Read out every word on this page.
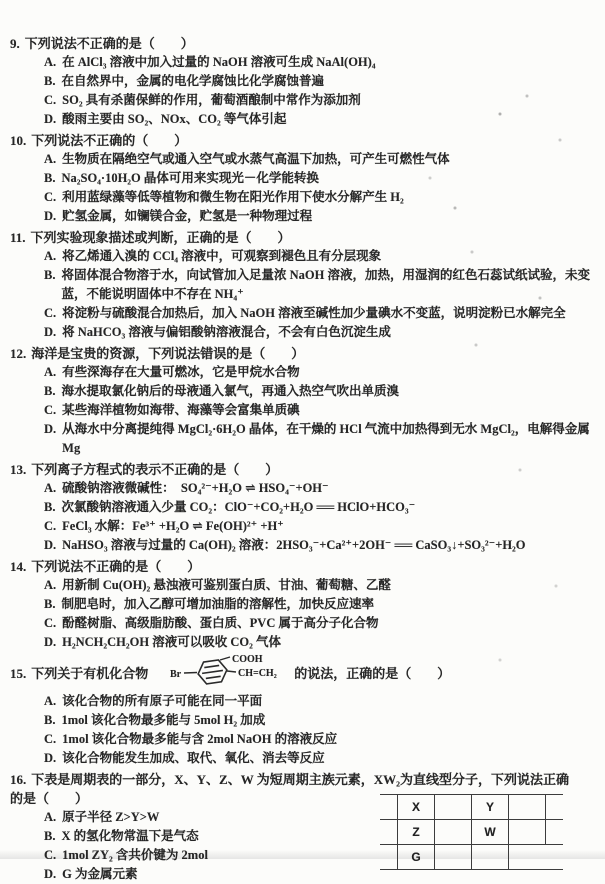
9. 下列说法不正确的是（　　）
A. 在 AlCl₃ 溶液中加入过量的 NaOH 溶液可生成 NaAl(OH)₄
B. 在自然界中，金属的电化学腐蚀比化学腐蚀普遍
C. SO₂ 具有杀菌保鲜的作用，葡萄酒酿制中常作为添加剂
D. 酸雨主要由 SO₂、NOx、CO₂ 等气体引起
10. 下列说法不正确的（　　）
A. 生物质在隔绝空气或通入空气或水蒸气高温下加热，可产生可燃性气体
B. Na₂SO₄·10H₂O 晶体可用来实现光－化学能转换
C. 利用蓝绿藻等低等植物和微生物在阳光作用下使水分解产生 H₂
D. 贮氢金属，如镧镁合金，贮氢是一种物理过程
11. 下列实验现象描述或判断，正确的是（　　）
A. 将乙烯通入溴的 CCl₄ 溶液中，可观察到褪色且有分层现象
B. 将固体混合物溶于水，向试管加入足量浓 NaOH 溶液，加热，用湿润的红色石蕊试纸试验，未变蓝，不能说明固体中不存在 NH₄⁺
C. 将淀粉与硫酸混合加热后，加入 NaOH 溶液至碱性加少量碘水不变蓝，说明淀粉已水解完全
D. 将 NaHCO₃ 溶液与偏铝酸钠溶液混合，不会有白色沉淀生成
12. 海洋是宝贵的资源，下列说法错误的是（　　）
A. 有些深海存在大量可燃冰，它是甲烷水合物
B. 海水提取氯化钠后的母液通入氯气，再通入热空气吹出单质溴
C. 某些海洋植物如海带、海藻等会富集单质碘
D. 从海水中分离提纯得 MgCl₂·6H₂O 晶体，在干燥的 HCl 气流中加热得到无水 MgCl₂，电解得金属 Mg
13. 下列离子方程式的表示不正确的是（　　）
A. 硫酸钠溶液微碱性：　SO₄²⁻+H₂O ⇌ HSO₄⁻+OH⁻
B. 次氯酸钠溶液通入少量 CO₂：ClO⁻+CO₂+H₂O ══ HClO+HCO₃⁻
C. FeCl₃ 水解：Fe³⁺ +H₂O ⇌ Fe(OH)²⁺ +H⁺
D. NaHSO₃ 溶液与过量的 Ca(OH)₂ 溶液：2HSO₃⁻+Ca²⁺+2OH⁻ ══ CaSO₃↓+SO₃²⁻+H₂O
14. 下列说法不正确的是（　　）
A. 用新制 Cu(OH)₂ 悬浊液可鉴别蛋白质、甘油、葡萄糖、乙醛
B. 制肥皂时，加入乙醇可增加油脂的溶解性，加快反应速率
C. 酚醛树脂、高级脂肪酸、蛋白质、PVC 属于高分子化合物
D. H₂NCH₂CH₂OH 溶液可以吸收 CO₂ 气体
15. 下列关于有机化合物 Br
COOH
CH=CH₂ 的说法，正确的是（　　）
A. 该化合物的所有原子可能在同一平面
B. 1mol 该化合物最多能与 5mol H₂ 加成
C. 1mol 该化合物最多能与含 2mol NaOH 的溶液反应
D. 该化合物能发生加成、取代、氧化、消去等反应
16. 下表是周期表的一部分，X、Y、Z、W 为短周期主族元素，XW₂为直线型分子，下列说法正确的是（　　）
A. 原子半径 Z>Y>W
B. X 的氢化物常温下是气态
C. 1mol ZY₂ 含共价键为 2mol
D. G 为金属元素
	X		Y		
	Z		W		
	G				
